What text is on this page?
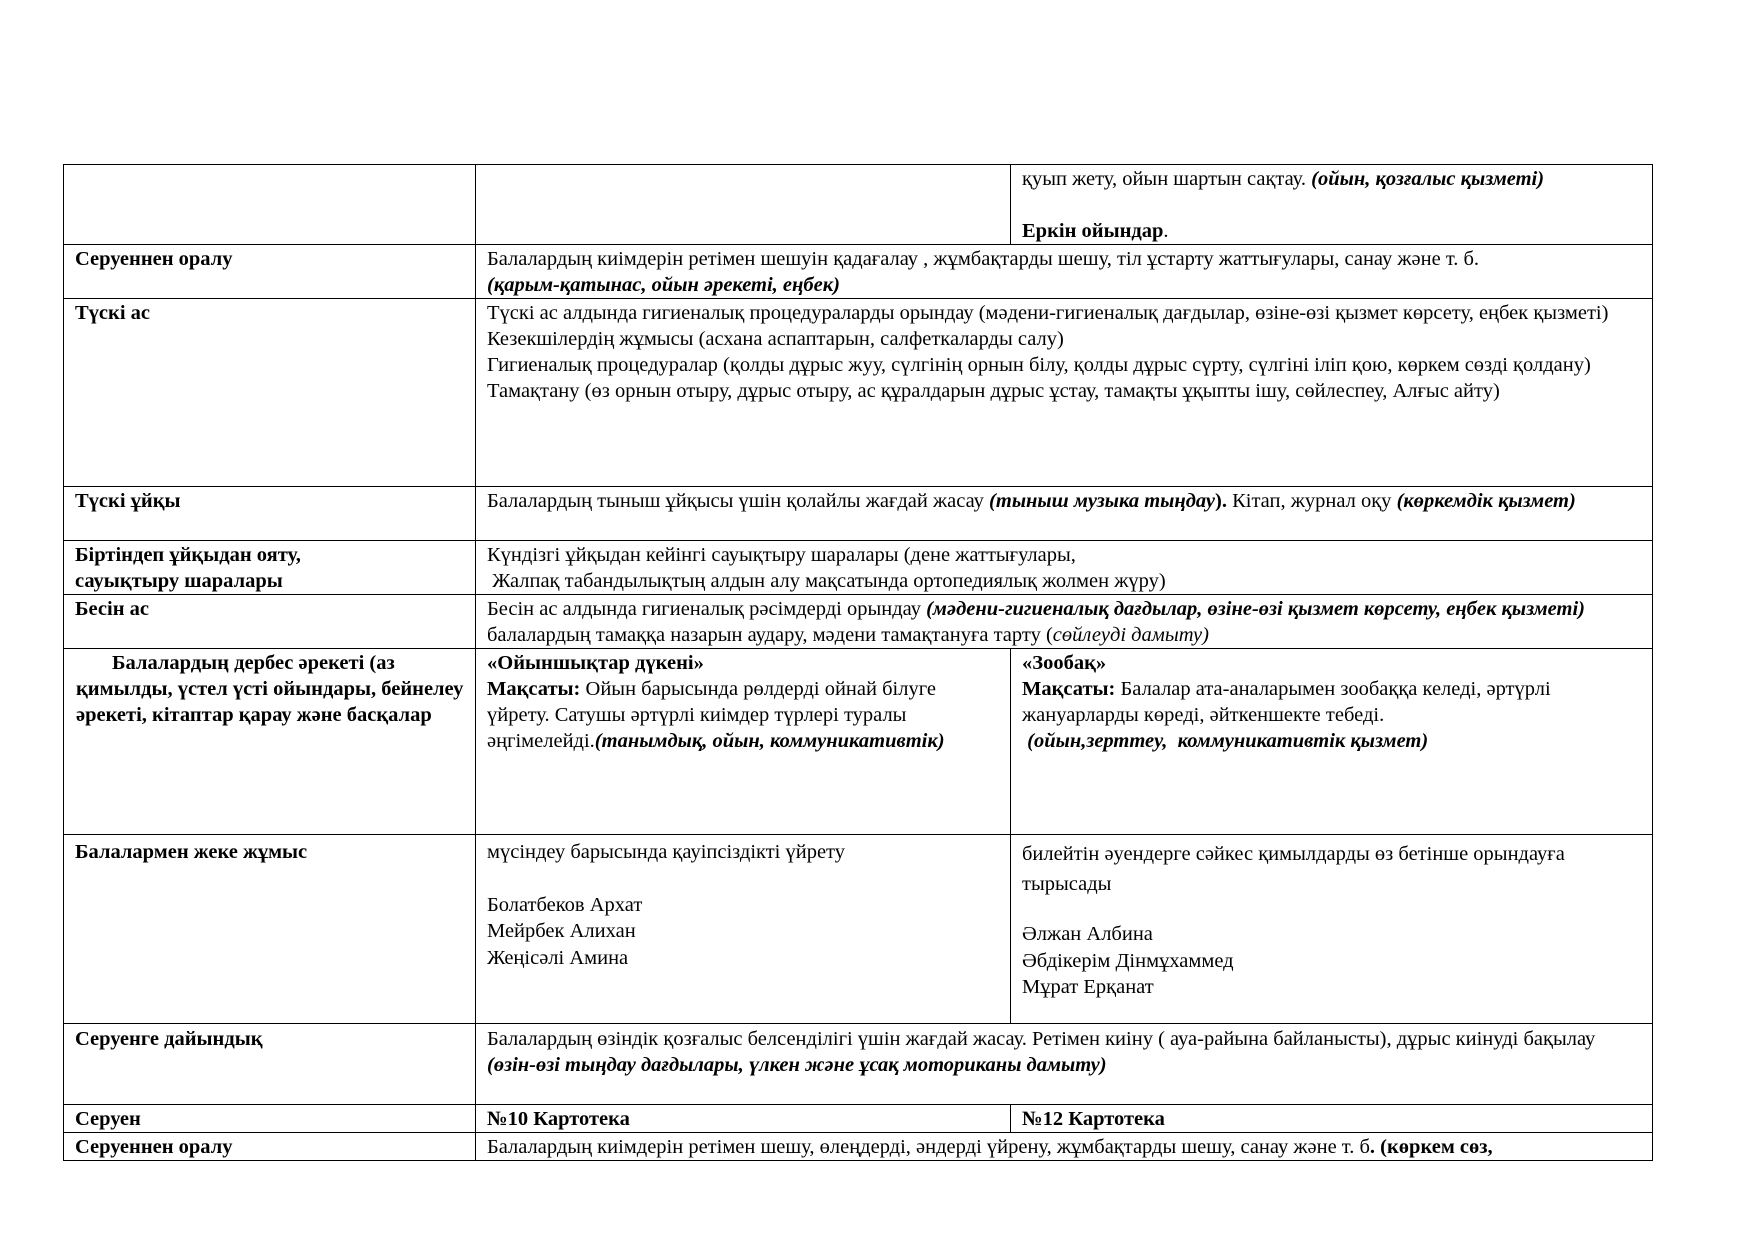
		қуып жету, ойын шартын сақтау. (ойын, қозғалыс қызметі)
Еркін ойындар.

Серуеннен оралу	Балалардың киімдерін ретімен шешуін қадағалау , жұмбақтарды шешу, тіл ұстарту жаттығулары, санау және т. б.
(қарым-қатынас, ойын әрекеті, еңбек)	

Түскі ас	Түскі ас алдында гигиеналық процедураларды орындау (мәдени-гигиеналық дағдылар, өзіне-өзі қызмет көрсету, еңбек қызметі)
Кезекшілердің жұмысы (асхана аспаптарын, салфеткаларды салу)
Гигиеналық процедуралар (қолды дұрыс жуу, сүлгінің орнын білу, қолды дұрыс сүрту, сүлгіні іліп қою, көркем сөзді қолдану)
Тамақтану (өз орнын отыру, дұрыс отыру, ас құралдарын дұрыс ұстау, тамақты ұқыпты ішу, сөйлеспеу, Алғыс айту)	

Түскі ұйқы	Балалардың тыныш ұйқысы үшін қолайлы жағдай жасау (тыныш музыка тыңдау). Кітап, журнал оқу (көркемдік қызмет)	

Біртіндеп ұйқыдан ояту,
сауықтыру шаралары	Күндізгі ұйқыдан кейінгі сауықтыру шаралары (дене жаттығулары,
Жалпақ табандылықтың алдын алу мақсатында ортопедиялық жолмен жүру)	

Бесін ас	Бесін ас алдында гигиеналық рәсімдерді орындау (мәдени-гигиеналық дағдылар, өзіне-өзі қызмет көрсету, еңбек қызметі) балалардың тамаққа назарын аудару, мәдени тамақтануға тарту (сөйлеуді дамыту)	

Балалардың дербес әрекеті (аз қимылды, үстел үсті ойындары, бейнелеу әрекеті, кітаптар қарау және басқалар	«Ойыншықтар дүкені»
Мақсаты: Ойын барысында рөлдерді ойнай білуге үйрету. Сатушы әртүрлі киімдер түрлері туралы әңгімелейді.(танымдық, ойын, коммуникативтік)	«Зообақ»
Мақсаты: Балалар ата-аналарымен зообаққа келеді, әртүрлі жануарларды көреді, әйткеншекте тебеді.
(ойын,зерттеу,  коммуникативтік қызмет)

Балалармен жеке жұмыс	мүсіндеу барысында қауіпсіздікті үйрету
Болатбеков Архат
Мейрбек Алихан
Жеңісәлі Амина	билейтін әуендерге сәйкес қимылдарды өз бетінше орындауға тырысады
Әлжан Албина
Әбдікерім Дінмұхаммед
Мұрат Ерқанат

Серуенге дайындық	Балалардың өзіндік қозғалыс белсенділігі үшін жағдай жасау. Ретімен киіну ( ауа-райына байланысты), дұрыс киінуді бақылау
(өзін-өзі тыңдау дағдылары, үлкен және ұсақ моториканы дамыту)	

Серуен	№10 Картотека	№12 Картотека
Серуеннен оралу	Балалардың киімдерін ретімен шешу, өлеңдерді, әндерді үйрену, жұмбақтарды шешу, санау және т. б. (көркем сөз,	
